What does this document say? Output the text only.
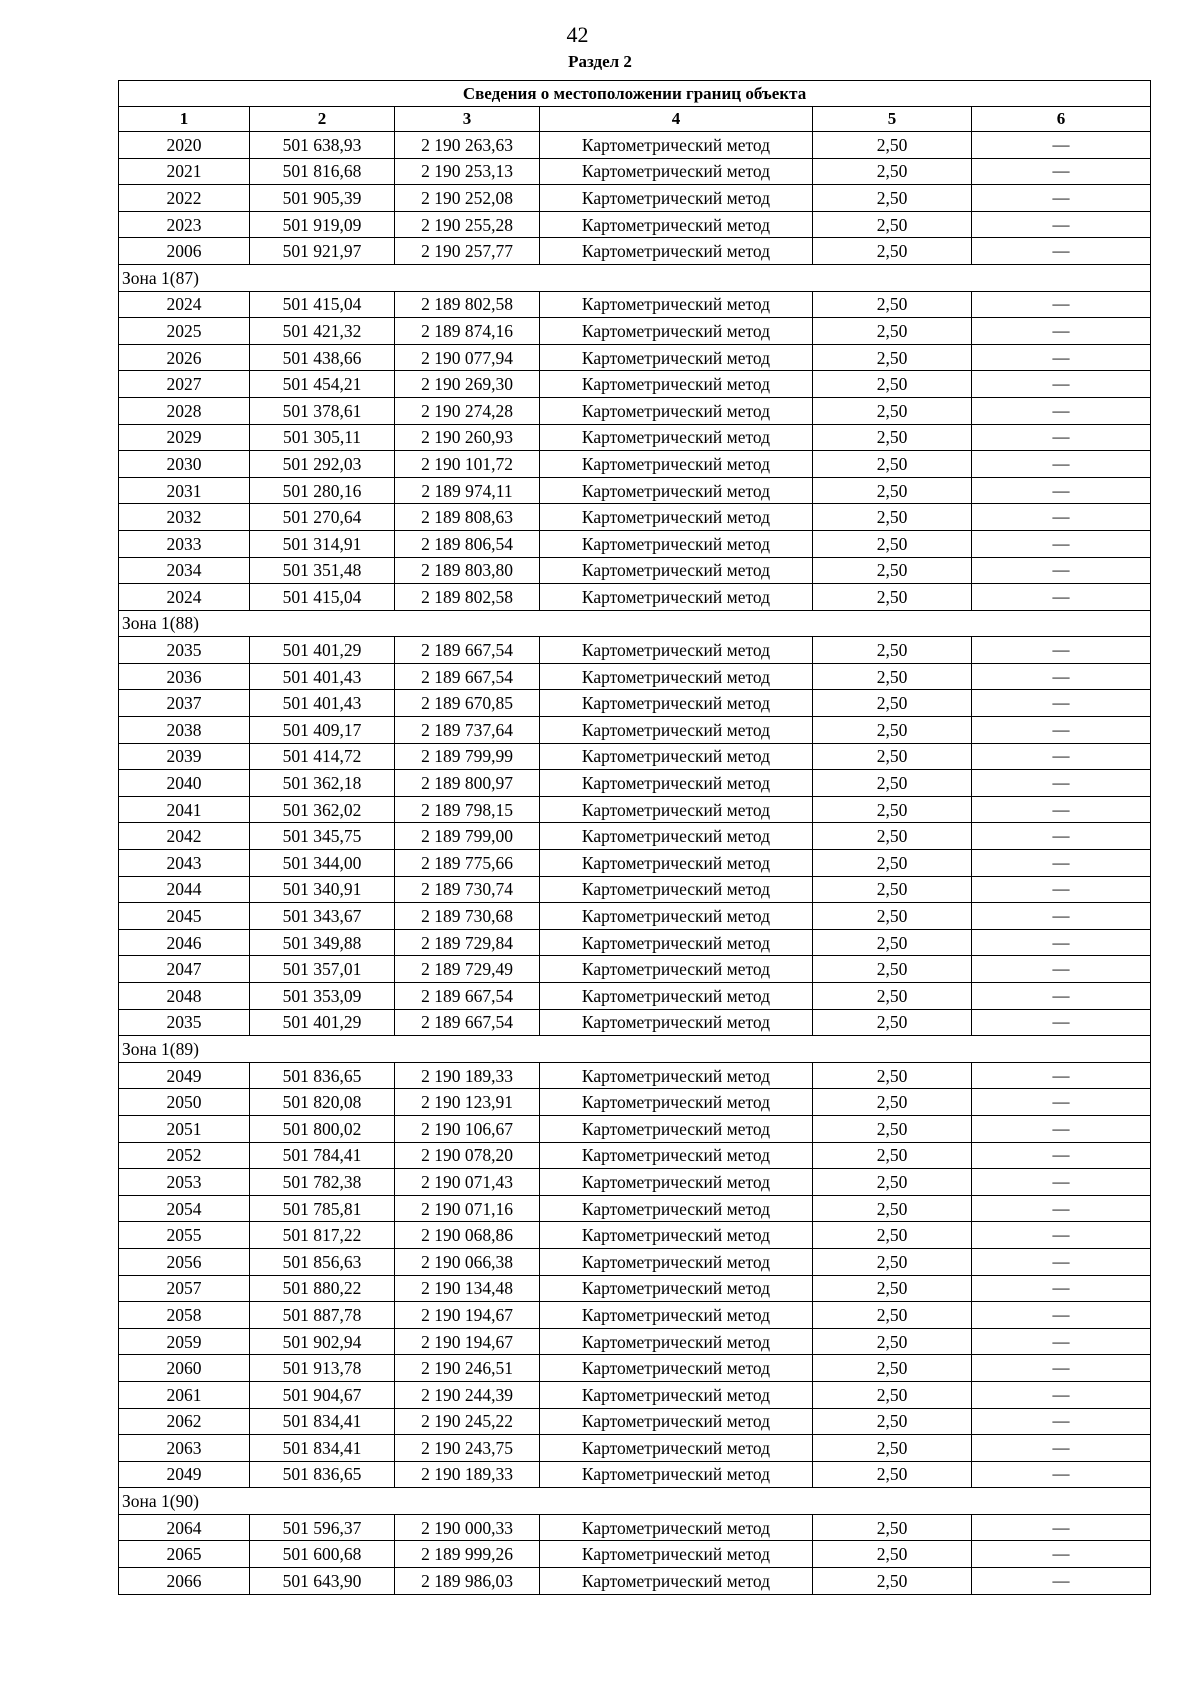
42
Раздел 2
Сведения о местоположении границ объекта					
1	2	3	4	5	6
2020	501 638,93	2 190 263,63	Картометрический метод	2,50	—
2021	501 816,68	2 190 253,13	Картометрический метод	2,50	—
2022	501 905,39	2 190 252,08	Картометрический метод	2,50	—
2023	501 919,09	2 190 255,28	Картометрический метод	2,50	—
2006	501 921,97	2 190 257,77	Картометрический метод	2,50	—
Зона 1(87)					
2024	501 415,04	2 189 802,58	Картометрический метод	2,50	—
2025	501 421,32	2 189 874,16	Картометрический метод	2,50	—
2026	501 438,66	2 190 077,94	Картометрический метод	2,50	—
2027	501 454,21	2 190 269,30	Картометрический метод	2,50	—
2028	501 378,61	2 190 274,28	Картометрический метод	2,50	—
2029	501 305,11	2 190 260,93	Картометрический метод	2,50	—
2030	501 292,03	2 190 101,72	Картометрический метод	2,50	—
2031	501 280,16	2 189 974,11	Картометрический метод	2,50	—
2032	501 270,64	2 189 808,63	Картометрический метод	2,50	—
2033	501 314,91	2 189 806,54	Картометрический метод	2,50	—
2034	501 351,48	2 189 803,80	Картометрический метод	2,50	—
2024	501 415,04	2 189 802,58	Картометрический метод	2,50	—
Зона 1(88)					
2035	501 401,29	2 189 667,54	Картометрический метод	2,50	—
2036	501 401,43	2 189 667,54	Картометрический метод	2,50	—
2037	501 401,43	2 189 670,85	Картометрический метод	2,50	—
2038	501 409,17	2 189 737,64	Картометрический метод	2,50	—
2039	501 414,72	2 189 799,99	Картометрический метод	2,50	—
2040	501 362,18	2 189 800,97	Картометрический метод	2,50	—
2041	501 362,02	2 189 798,15	Картометрический метод	2,50	—
2042	501 345,75	2 189 799,00	Картометрический метод	2,50	—
2043	501 344,00	2 189 775,66	Картометрический метод	2,50	—
2044	501 340,91	2 189 730,74	Картометрический метод	2,50	—
2045	501 343,67	2 189 730,68	Картометрический метод	2,50	—
2046	501 349,88	2 189 729,84	Картометрический метод	2,50	—
2047	501 357,01	2 189 729,49	Картометрический метод	2,50	—
2048	501 353,09	2 189 667,54	Картометрический метод	2,50	—
2035	501 401,29	2 189 667,54	Картометрический метод	2,50	—
Зона 1(89)					
2049	501 836,65	2 190 189,33	Картометрический метод	2,50	—
2050	501 820,08	2 190 123,91	Картометрический метод	2,50	—
2051	501 800,02	2 190 106,67	Картометрический метод	2,50	—
2052	501 784,41	2 190 078,20	Картометрический метод	2,50	—
2053	501 782,38	2 190 071,43	Картометрический метод	2,50	—
2054	501 785,81	2 190 071,16	Картометрический метод	2,50	—
2055	501 817,22	2 190 068,86	Картометрический метод	2,50	—
2056	501 856,63	2 190 066,38	Картометрический метод	2,50	—
2057	501 880,22	2 190 134,48	Картометрический метод	2,50	—
2058	501 887,78	2 190 194,67	Картометрический метод	2,50	—
2059	501 902,94	2 190 194,67	Картометрический метод	2,50	—
2060	501 913,78	2 190 246,51	Картометрический метод	2,50	—
2061	501 904,67	2 190 244,39	Картометрический метод	2,50	—
2062	501 834,41	2 190 245,22	Картометрический метод	2,50	—
2063	501 834,41	2 190 243,75	Картометрический метод	2,50	—
2049	501 836,65	2 190 189,33	Картометрический метод	2,50	—
Зона 1(90)					
2064	501 596,37	2 190 000,33	Картометрический метод	2,50	—
2065	501 600,68	2 189 999,26	Картометрический метод	2,50	—
2066	501 643,90	2 189 986,03	Картометрический метод	2,50	—
